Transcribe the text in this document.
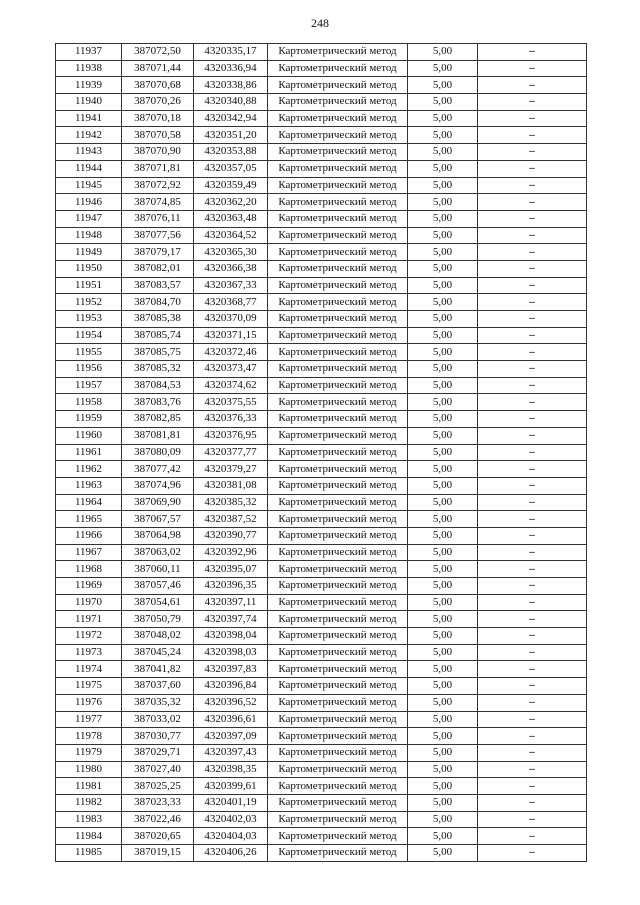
248
11937	387072,50	4320335,17	Картометрический метод	5,00	–
11938	387071,44	4320336,94	Картометрический метод	5,00	–
11939	387070,68	4320338,86	Картометрический метод	5,00	–
11940	387070,26	4320340,88	Картометрический метод	5,00	–
11941	387070,18	4320342,94	Картометрический метод	5,00	–
11942	387070,58	4320351,20	Картометрический метод	5,00	–
11943	387070,90	4320353,88	Картометрический метод	5,00	–
11944	387071,81	4320357,05	Картометрический метод	5,00	–
11945	387072,92	4320359,49	Картометрический метод	5,00	–
11946	387074,85	4320362,20	Картометрический метод	5,00	–
11947	387076,11	4320363,48	Картометрический метод	5,00	–
11948	387077,56	4320364,52	Картометрический метод	5,00	–
11949	387079,17	4320365,30	Картометрический метод	5,00	–
11950	387082,01	4320366,38	Картометрический метод	5,00	–
11951	387083,57	4320367,33	Картометрический метод	5,00	–
11952	387084,70	4320368,77	Картометрический метод	5,00	–
11953	387085,38	4320370,09	Картометрический метод	5,00	–
11954	387085,74	4320371,15	Картометрический метод	5,00	–
11955	387085,75	4320372,46	Картометрический метод	5,00	–
11956	387085,32	4320373,47	Картометрический метод	5,00	–
11957	387084,53	4320374,62	Картометрический метод	5,00	–
11958	387083,76	4320375,55	Картометрический метод	5,00	–
11959	387082,85	4320376,33	Картометрический метод	5,00	–
11960	387081,81	4320376,95	Картометрический метод	5,00	–
11961	387080,09	4320377,77	Картометрический метод	5,00	–
11962	387077,42	4320379,27	Картометрический метод	5,00	–
11963	387074,96	4320381,08	Картометрический метод	5,00	–
11964	387069,90	4320385,32	Картометрический метод	5,00	–
11965	387067,57	4320387,52	Картометрический метод	5,00	–
11966	387064,98	4320390,77	Картометрический метод	5,00	–
11967	387063,02	4320392,96	Картометрический метод	5,00	–
11968	387060,11	4320395,07	Картометрический метод	5,00	–
11969	387057,46	4320396,35	Картометрический метод	5,00	–
11970	387054,61	4320397,11	Картометрический метод	5,00	–
11971	387050,79	4320397,74	Картометрический метод	5,00	–
11972	387048,02	4320398,04	Картометрический метод	5,00	–
11973	387045,24	4320398,03	Картометрический метод	5,00	–
11974	387041,82	4320397,83	Картометрический метод	5,00	–
11975	387037,60	4320396,84	Картометрический метод	5,00	–
11976	387035,32	4320396,52	Картометрический метод	5,00	–
11977	387033,02	4320396,61	Картометрический метод	5,00	–
11978	387030,77	4320397,09	Картометрический метод	5,00	–
11979	387029,71	4320397,43	Картометрический метод	5,00	–
11980	387027,40	4320398,35	Картометрический метод	5,00	–
11981	387025,25	4320399,61	Картометрический метод	5,00	–
11982	387023,33	4320401,19	Картометрический метод	5,00	–
11983	387022,46	4320402,03	Картометрический метод	5,00	–
11984	387020,65	4320404,03	Картометрический метод	5,00	–
11985	387019,15	4320406,26	Картометрический метод	5,00	–
